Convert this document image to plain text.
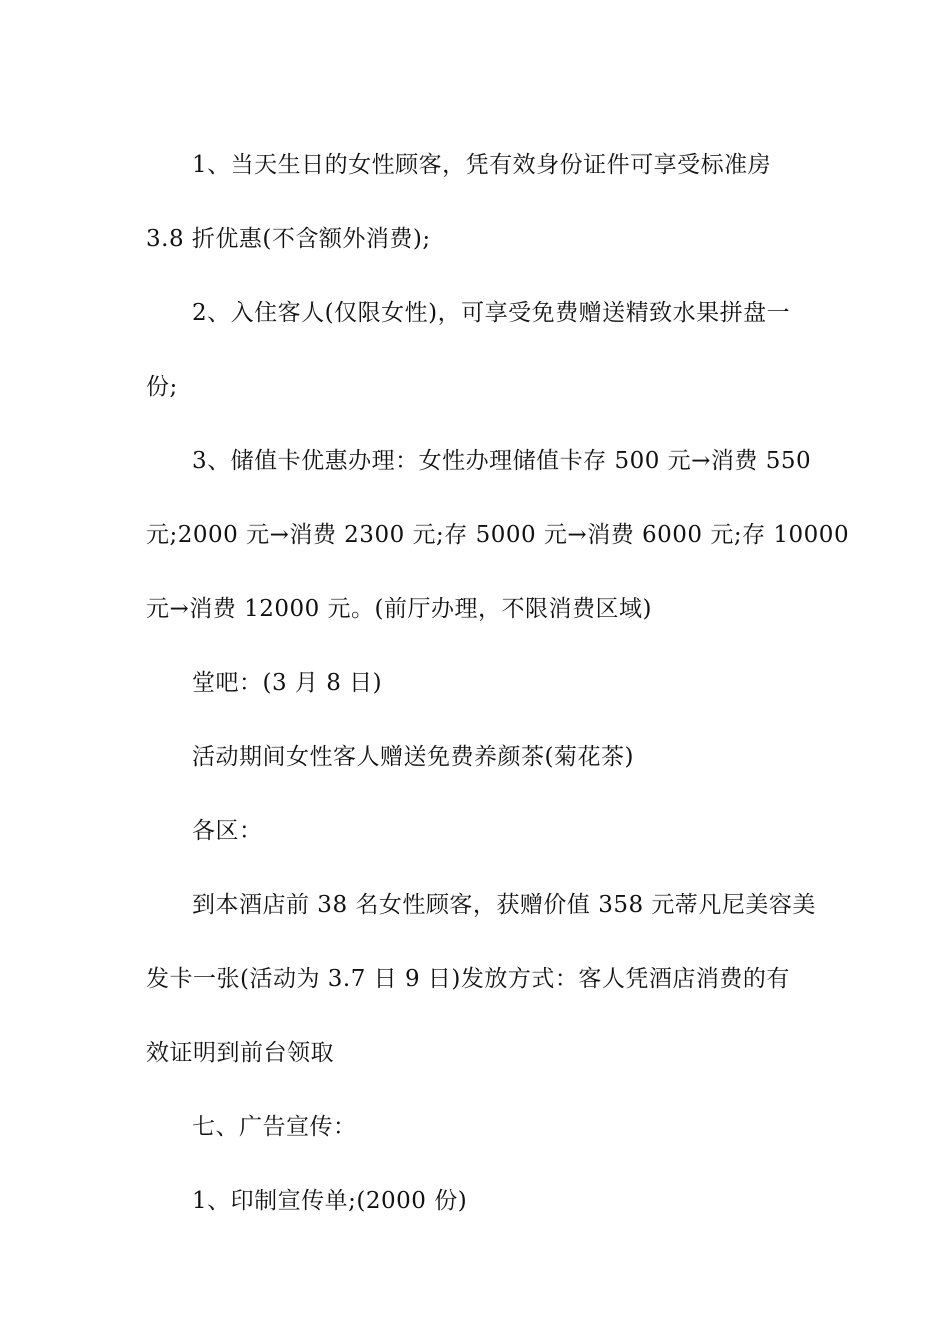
1、当天生日的女性顾客，凭有效身份证件可享受标准房

3.8 折优惠(不含额外消费);

2、入住客人(仅限女性)，可享受免费赠送精致水果拼盘一

份;

3、储值卡优惠办理：女性办理储值卡存 500 元→消费 550

元;2000 元→消费 2300 元;存 5000 元→消费 6000 元;存 10000

元→消费 12000 元。(前厅办理，不限消费区域)

堂吧：(3 月 8 日)

活动期间女性客人赠送免费养颜茶(菊花茶)

各区：

到本酒店前 38 名女性顾客，获赠价值 358 元蒂凡尼美容美

发卡一张(活动为 3.7 日 9 日)发放方式：客人凭酒店消费的有

效证明到前台领取

七、广告宣传：

1、印制宣传单;(2000 份)
